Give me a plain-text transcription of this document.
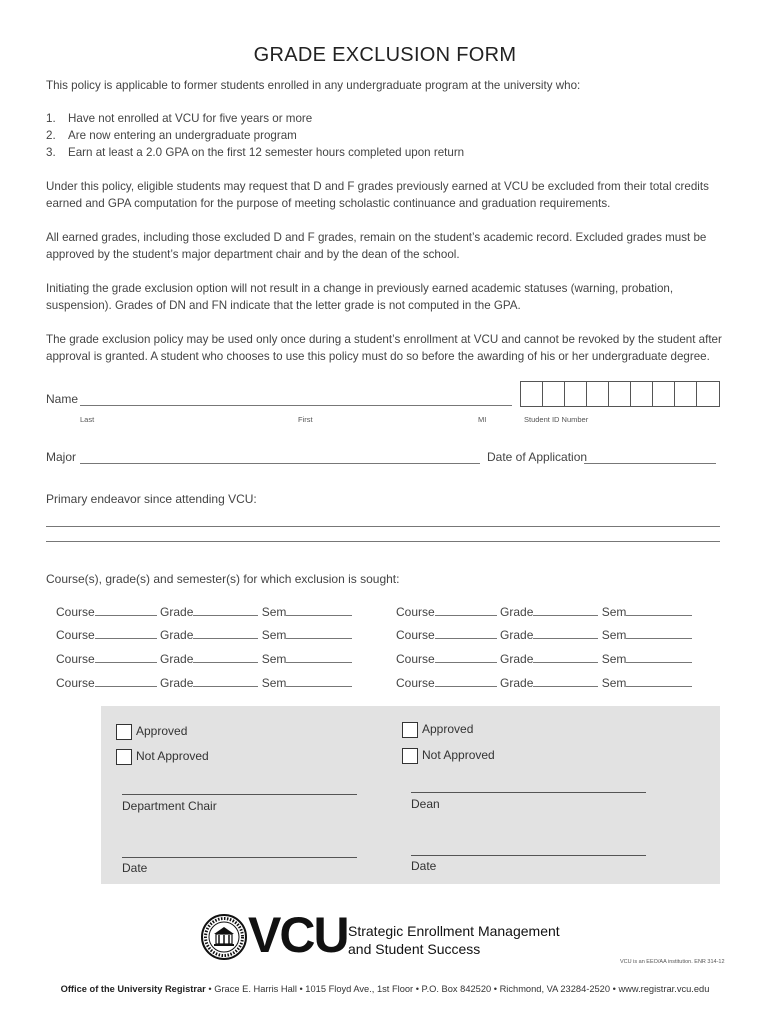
GRADE EXCLUSION FORM
This policy is applicable to former students enrolled in any undergraduate program at the university who:
1. Have not enrolled at VCU for five years or more
2. Are now entering an undergraduate program
3. Earn at least a 2.0 GPA on the first 12 semester hours completed upon return
Under this policy, eligible students may request that D and F grades previously earned at VCU be excluded from their total credits earned and GPA computation for the purpose of meeting scholastic continuance and graduation requirements.
All earned grades, including those excluded D and F grades, remain on the student’s academic record. Excluded grades must be approved by the student’s major department chair and by the dean of the school.
Initiating the grade exclusion option will not result in a change in previously earned academic statuses (warning, probation, suspension). Grades of DN and FN indicate that the letter grade is not computed in the GPA.
The grade exclusion policy may be used only once during a student’s enrollment at VCU and cannot be revoked by the student after approval is granted. A student who chooses to use this policy must do so before the awarding of his or her undergraduate degree.
Name
Last	First	MI	Student ID Number
Major	Date of Application
Primary endeavor since attending VCU:
Course(s), grade(s) and semester(s) for which exclusion is sought:
Course	Grade	Sem	Course	Grade	Sem
Course	Grade	Sem	Course	Grade	Sem
Course	Grade	Sem	Course	Grade	Sem
Course	Grade	Sem	Course	Grade	Sem
Approved
Not Approved
Approved
Not Approved
Department Chair	Dean
Date	Date
VCU Strategic Enrollment Management
and Student Success
VCU is an EEO/AA institution. ENR 314-12
Office of the University Registrar • Grace E. Harris Hall • 1015 Floyd Ave., 1st Floor • P.O. Box 842520 • Richmond, VA 23284-2520 • www.registrar.vcu.edu
